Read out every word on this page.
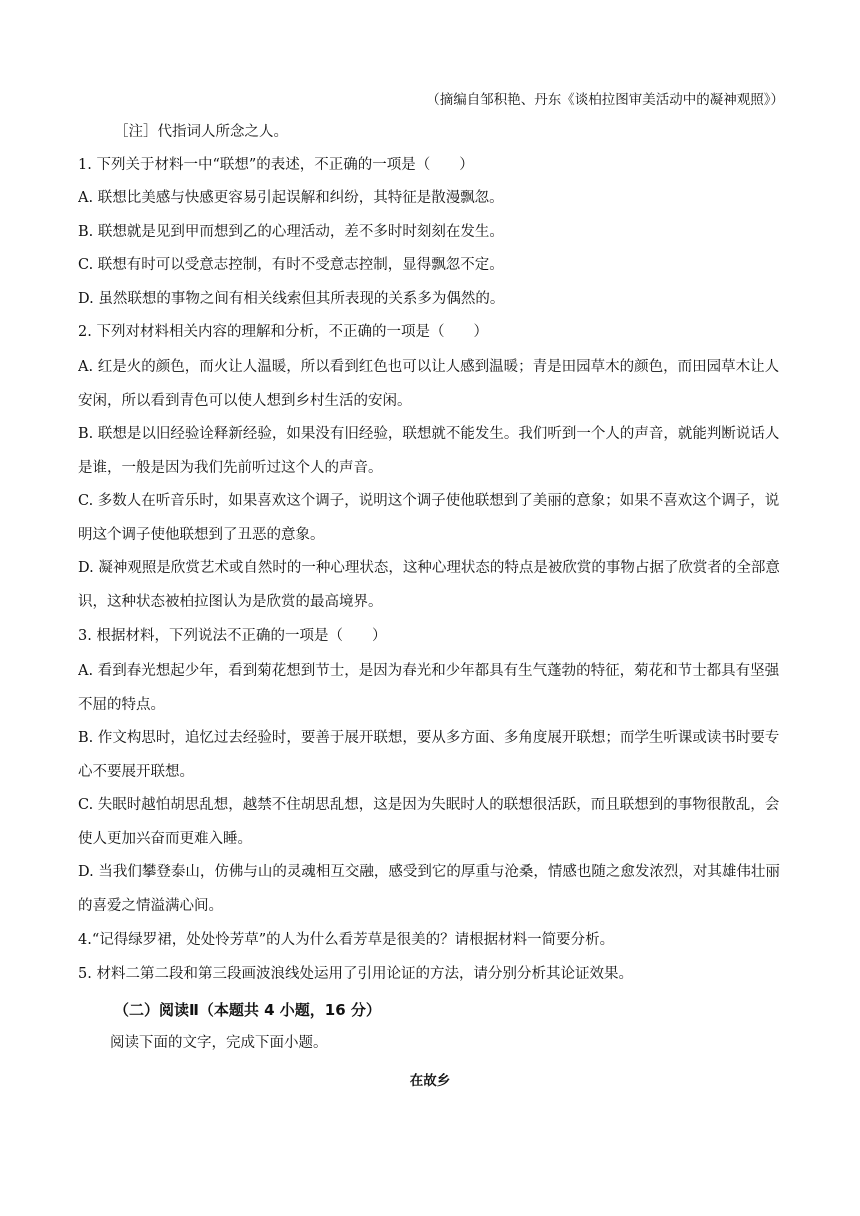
（摘编自邹积艳、丹东《谈柏拉图审美活动中的凝神观照》）
［注］代指词人所念之人。
1. 下列关于材料一中“联想”的表述，不正确的一项是（　　）
A. 联想比美感与快感更容易引起误解和纠纷，其特征是散漫飘忽。
B. 联想就是见到甲而想到乙的心理活动，差不多时时刻刻在发生。
C. 联想有时可以受意志控制，有时不受意志控制，显得飘忽不定。
D. 虽然联想的事物之间有相关线索但其所表现的关系多为偶然的。
2. 下列对材料相关内容的理解和分析，不正确的一项是（　　）
A. 红是火的颜色，而火让人温暖，所以看到红色也可以让人感到温暖；青是田园草木的颜色，而田园草木让人安闲，所以看到青色可以使人想到乡村生活的安闲。
B. 联想是以旧经验诠释新经验，如果没有旧经验，联想就不能发生。我们听到一个人的声音，就能判断说话人是谁，一般是因为我们先前听过这个人的声音。
C. 多数人在听音乐时，如果喜欢这个调子，说明这个调子使他联想到了美丽的意象；如果不喜欢这个调子，说明这个调子使他联想到了丑恶的意象。
D. 凝神观照是欣赏艺术或自然时的一种心理状态，这种心理状态的特点是被欣赏的事物占据了欣赏者的全部意识，这种状态被柏拉图认为是欣赏的最高境界。
3. 根据材料，下列说法不正确的一项是（　　）
A. 看到春光想起少年，看到菊花想到节士，是因为春光和少年都具有生气蓬勃的特征，菊花和节士都具有坚强不屈的特点。
B. 作文构思时，追忆过去经验时，要善于展开联想，要从多方面、多角度展开联想；而学生听课或读书时要专心不要展开联想。
C. 失眠时越怕胡思乱想，越禁不住胡思乱想，这是因为失眠时人的联想很活跃，而且联想到的事物很散乱，会使人更加兴奋而更难入睡。
D. 当我们攀登泰山，仿佛与山的灵魂相互交融，感受到它的厚重与沧桑，情感也随之愈发浓烈，对其雄伟壮丽的喜爱之情溢满心间。
4.“记得绿罗裙，处处怜芳草”的人为什么看芳草是很美的？请根据材料一简要分析。
5. 材料二第二段和第三段画波浪线处运用了引用论证的方法，请分别分析其论证效果。
（二）阅读Ⅱ（本题共 4 小题，16 分）
阅读下面的文字，完成下面小题。
在故乡
